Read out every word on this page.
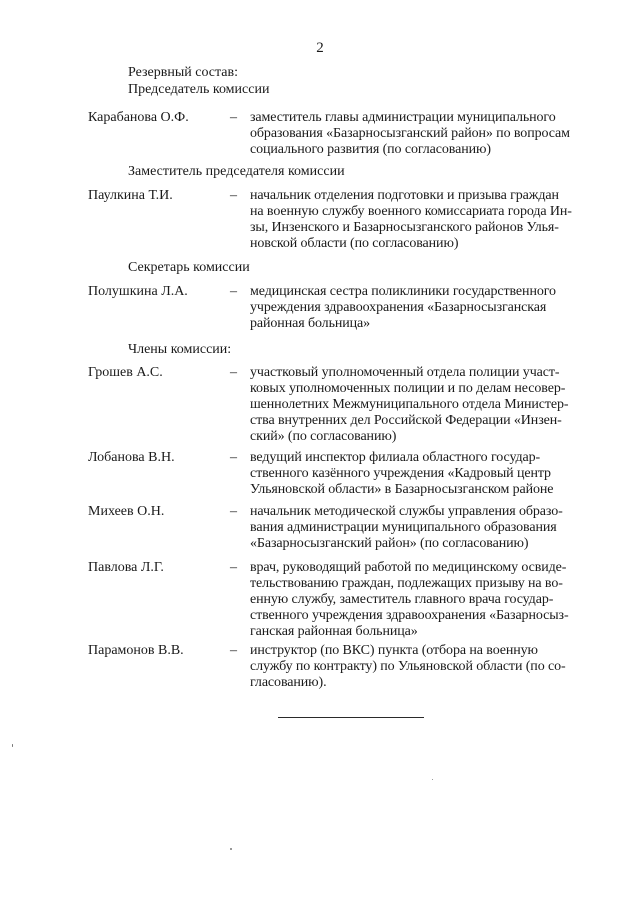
2
Резервный состав:
Председатель комиссии
Карабанова О.Ф.	– заместитель главы администрации муниципального
образования «Базарносызганский район» по вопросам
социального развития (по согласованию)
Заместитель председателя комиссии
Паулкина Т.И.	– начальник отделения подготовки и призыва граждан
на военную службу военного комиссариата города Ин-
зы, Инзенского и Базарносызганского районов Улья-
новской области (по согласованию)
Секретарь комиссии
Полушкина Л.А.	– медицинская сестра поликлиники государственного
учреждения здравоохранения «Базарносызганская
районная больница»
Члены комиссии:
Грошев А.С.	– участковый уполномоченный отдела полиции участ-
ковых уполномоченных полиции и по делам несовер-
шеннолетних Межмуниципального отдела Министер-
ства внутренних дел Российской Федерации «Инзен-
ский» (по согласованию)
Лобанова В.Н.	– ведущий инспектор филиала областного государ-
ственного казённого учреждения «Кадровый центр
Ульяновской области» в Базарносызганском районе
Михеев О.Н.	– начальник методической службы управления образо-
вания администрации муниципального образования
«Базарносызганский район» (по согласованию)
Павлова Л.Г.	– врач, руководящий работой по медицинскому освиде-
тельствованию граждан, подлежащих призыву на во-
енную службу, заместитель главного врача государ-
ственного учреждения здравоохранения «Базарносыз-
ганская районная больница»
Парамонов В.В.	– инструктор (по ВКС) пункта (отбора на военную
службу по контракту) по Ульяновской области (по со-
гласованию).
